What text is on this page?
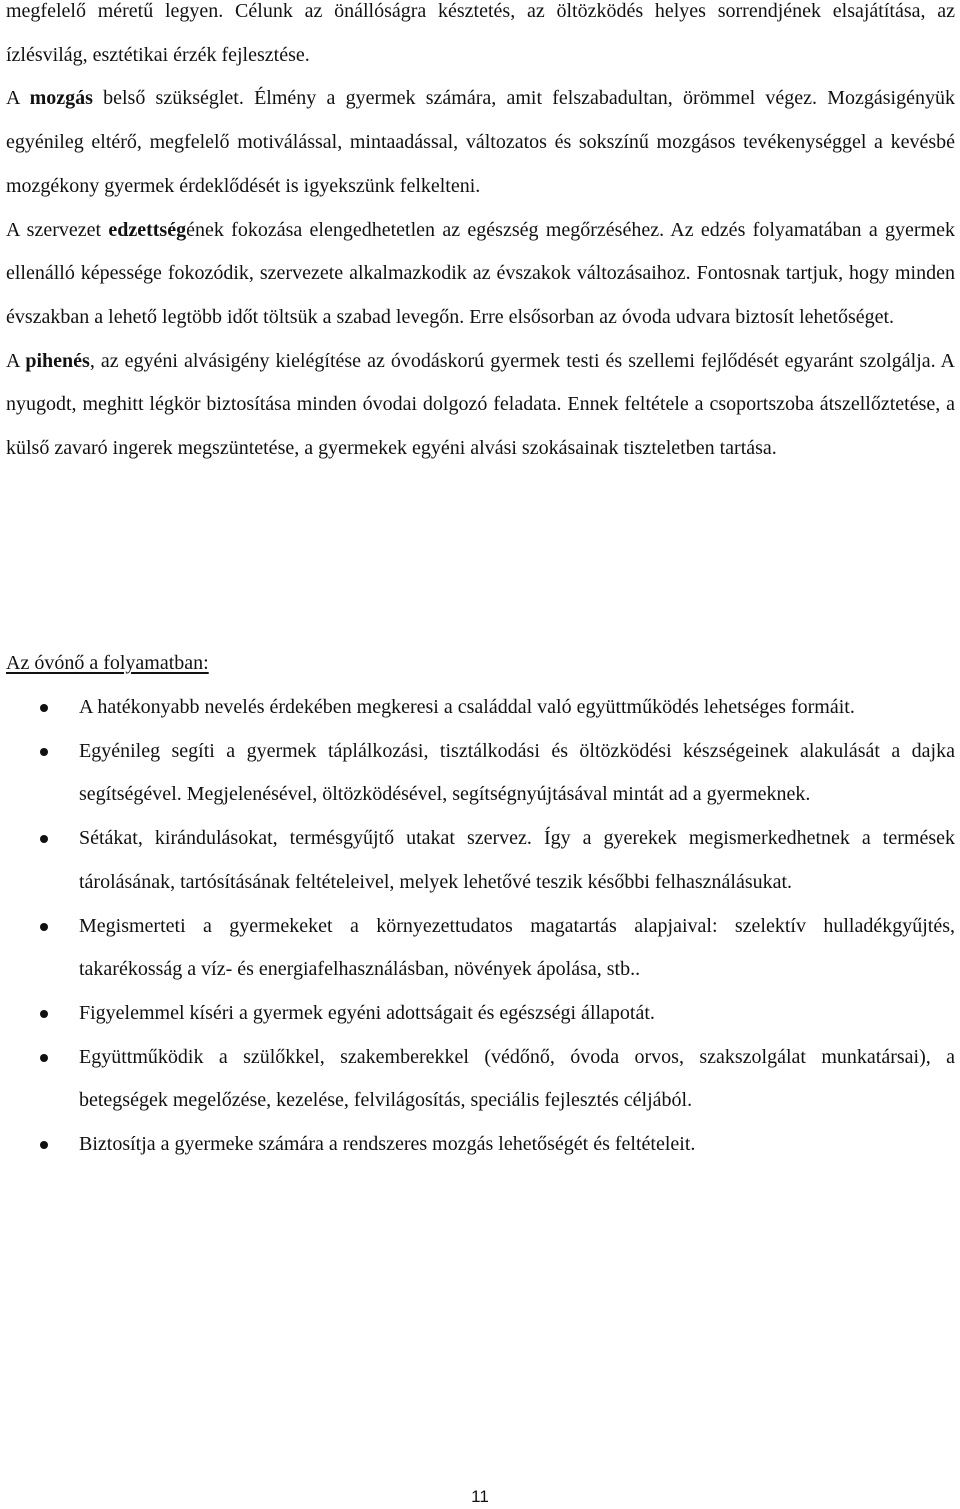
megfelelő méretű legyen. Célunk az önállóságra késztetés, az öltözködés helyes sorrendjének elsajátítása, az ízlésvilág, esztétikai érzék fejlesztése.

A mozgás belső szükséglet. Élmény a gyermek számára, amit felszabadultan, örömmel végez. Mozgásigényük egyénileg eltérő, megfelelő motiválással, mintaadással, változatos és sokszínű mozgásos tevékenységgel a kevésbé mozgékony gyermek érdeklődését is igyekszünk felkelteni.

A szervezet edzettségének fokozása elengedhetetlen az egészség megőrzéséhez. Az edzés folyamatában a gyermek ellenálló képessége fokozódik, szervezete alkalmazkodik az évszakok változásaihoz. Fontosnak tartjuk, hogy minden évszakban a lehető legtöbb időt töltsük a szabad levegőn. Erre elsősorban az óvoda udvara biztosít lehetőséget.

A pihenés, az egyéni alvásigény kielégítése az óvodáskorú gyermek testi és szellemi fejlődését egyaránt szolgálja. A nyugodt, meghitt légkör biztosítása minden óvodai dolgozó feladata. Ennek feltétele a csoportszoba átszellőztetése, a külső zavaró ingerek megszüntetése, a gyermekek egyéni alvási szokásainak tiszteletben tartása.

Az óvónő a folyamatban:
A hatékonyabb nevelés érdekében megkeresi a családdal való együttműködés lehetséges formáit.
Egyénileg segíti a gyermek táplálkozási, tisztálkodási és öltözködési készségeinek alakulását a dajka segítségével. Megjelenésével, öltözködésével, segítségnyújtásával mintát ad a gyermeknek.
Sétákat, kirándulásokat, termésgyűjtő utakat szervez. Így a gyerekek megismerkedhetnek a termések tárolásának, tartósításának feltételeivel, melyek lehetővé teszik későbbi felhasználásukat.
Megismerteti a gyermekeket a környezettudatos magatartás alapjaival: szelektív hulladékgyűjtés, takarékosság a víz- és energiafelhasználásban, növények ápolása, stb..
Figyelemmel kíséri a gyermek egyéni adottságait és egészségi állapotát.
Együttműködik a szülőkkel, szakemberekkel (védőnő, óvoda orvos, szakszolgálat munkatársai), a betegségek megelőzése, kezelése, felvilágosítás, speciális fejlesztés céljából.
Biztosítja a gyermeke számára a rendszeres mozgás lehetőségét és feltételeit.
11
